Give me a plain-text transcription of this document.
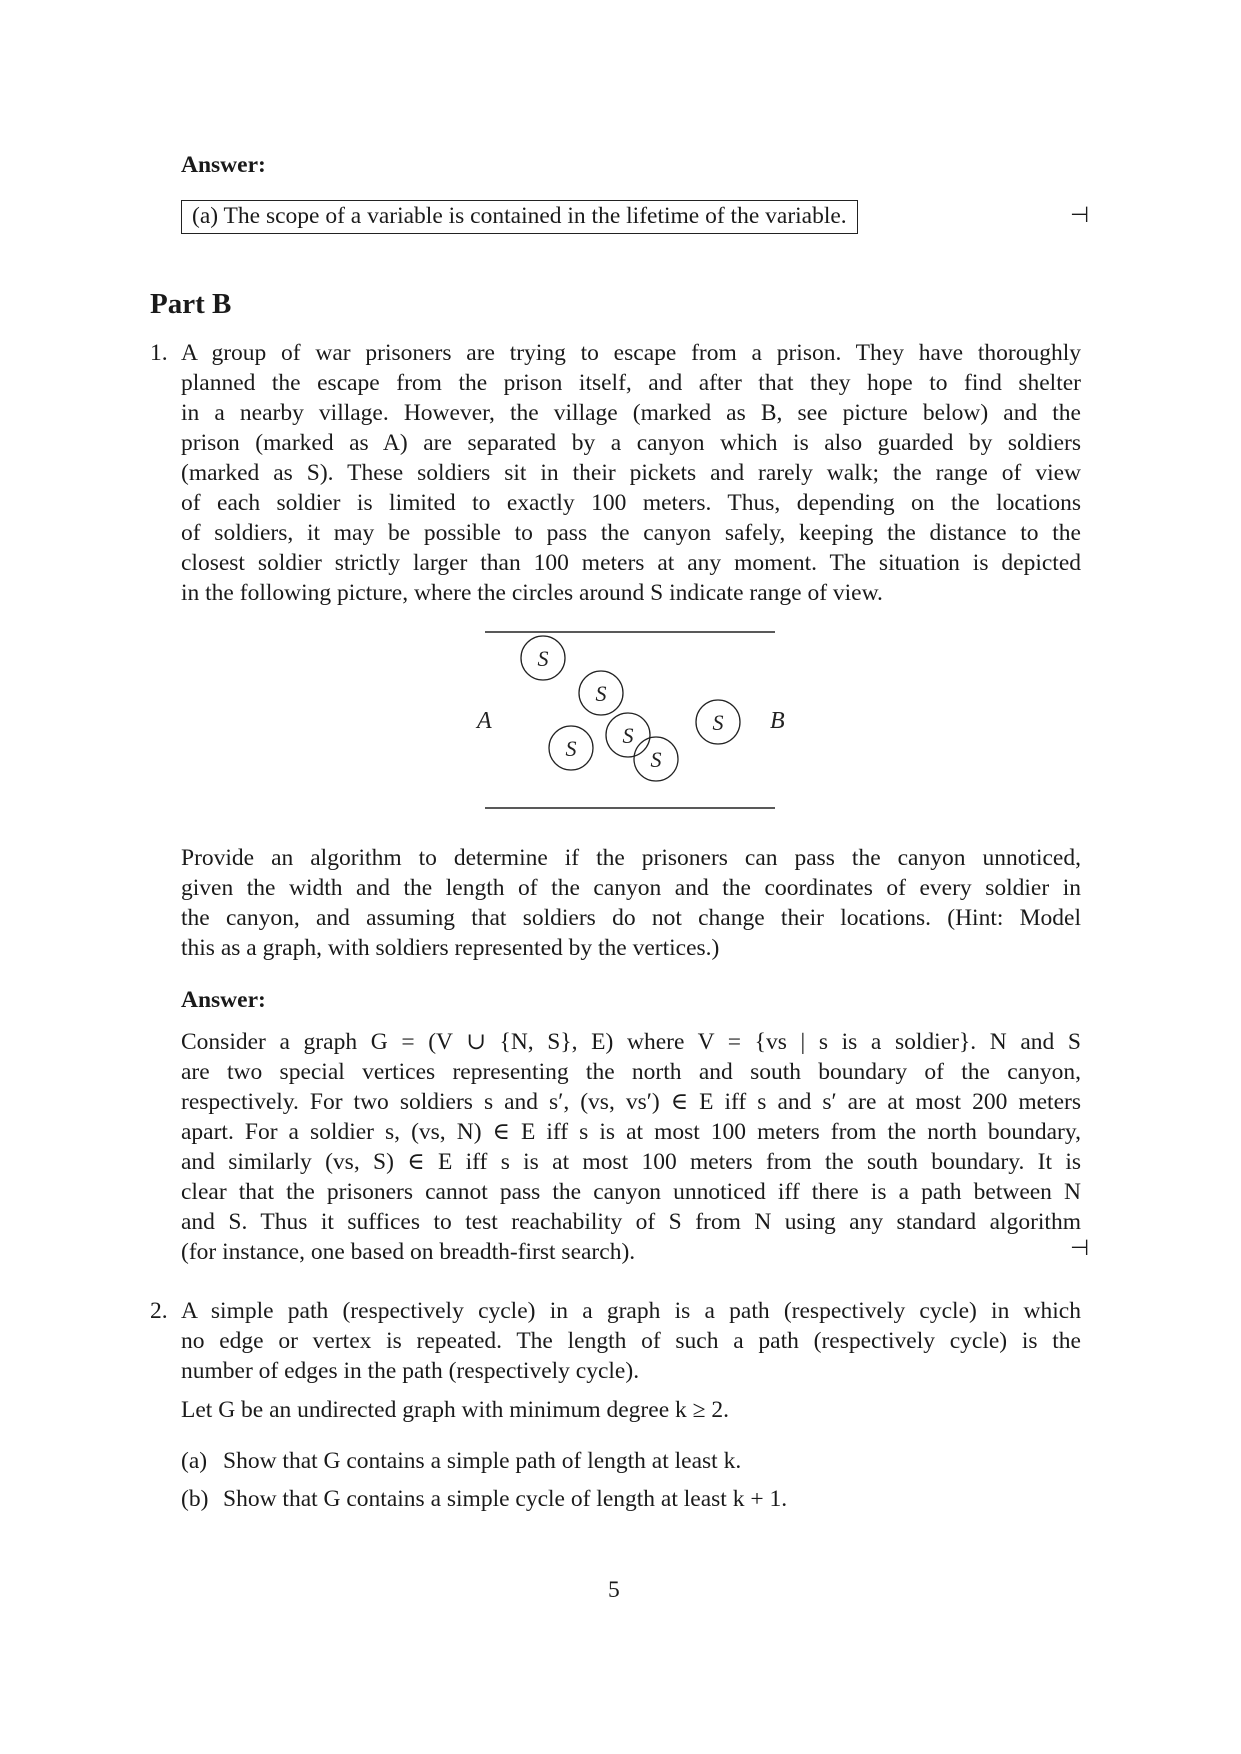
Answer:
(a) The scope of a variable is contained in the lifetime of the variable.	⊣
Part B
1. A group of war prisoners are trying to escape from a prison. They have thoroughly
planned the escape from the prison itself, and after that they hope to find shelter
in a nearby village. However, the village (marked as B, see picture below) and the
prison (marked as A) are separated by a canyon which is also guarded by soldiers
(marked as S). These soldiers sit in their pickets and rarely walk; the range of view
of each soldier is limited to exactly 100 meters. Thus, depending on the locations
of soldiers, it may be possible to pass the canyon safely, keeping the distance to the
closest soldier strictly larger than 100 meters at any moment. The situation is depicted
in the following picture, where the circles around S indicate range of view.
A	B
S
S
S
S
S
S
Provide an algorithm to determine if the prisoners can pass the canyon unnoticed,
given the width and the length of the canyon and the coordinates of every soldier in
the canyon, and assuming that soldiers do not change their locations. (Hint: Model
this as a graph, with soldiers represented by the vertices.)
Answer:
Consider a graph G = (V ∪ {N, S}, E) where V = {vs | s is a soldier}. N and S
are two special vertices representing the north and south boundary of the canyon,
respectively. For two soldiers s and s′, (vs, vs′) ∈ E iff s and s′ are at most 200 meters
apart. For a soldier s, (vs, N) ∈ E iff s is at most 100 meters from the north boundary,
and similarly (vs, S) ∈ E iff s is at most 100 meters from the south boundary. It is
clear that the prisoners cannot pass the canyon unnoticed iff there is a path between N
and S. Thus it suffices to test reachability of S from N using any standard algorithm
(for instance, one based on breadth-first search).	⊣
2. A simple path (respectively cycle) in a graph is a path (respectively cycle) in which
no edge or vertex is repeated. The length of such a path (respectively cycle) is the
number of edges in the path (respectively cycle).
Let G be an undirected graph with minimum degree k ≥ 2.
(a) Show that G contains a simple path of length at least k.
(b) Show that G contains a simple cycle of length at least k + 1.
5
